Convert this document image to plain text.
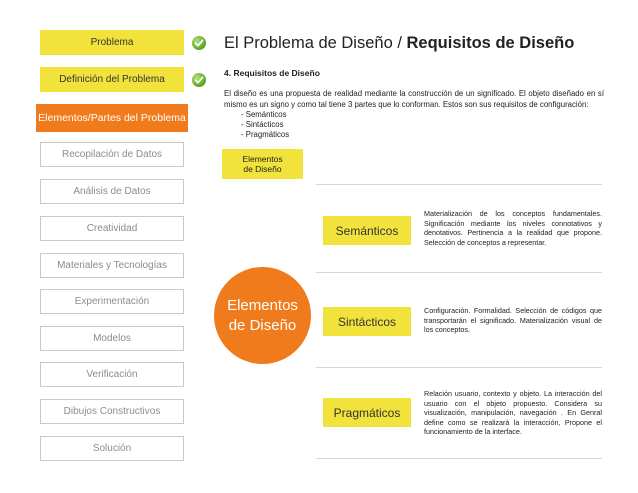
Problema
Definición del Problema
Elementos/Partes del Problema
Recopilación de Datos
Análisis de Datos
Creatividad
Materiales y Tecnologías
Experimentación
Modelos
Verificación
Dibujos Constructivos
Solución
El Problema de Diseño / Requisitos de Diseño
4. Requisitos de Diseño
El diseño es una propuesta de realidad mediante la construcción de un significado. El objeto diseñado en sí mismo es un signo y como tal tiene 3 partes que lo conforman. Estos son sus requisitos de configuración:
- Semánticos
- Sintácticos
- Pragmáticos
Elementos
de Diseño
Elementos
de Diseño
Semánticos
Sintácticos
Pragmáticos
Materialización de los conceptos fundamentales. Significación mediante los niveles connotativos y denotativos. Pertinencia a la realidad que propone. Selección de conceptos a representar.
Configuración. Formalidad. Selección de códigos que transportarán el significado. Materialización visual de los conceptos.
Relación usuario, contexto y objeto. La interacción del usuario con el objeto propuesto. Considera su visualización, manipulación, navegación . En Genral define como se realizará la interacción, Propone el funcionamiento de la interface.
